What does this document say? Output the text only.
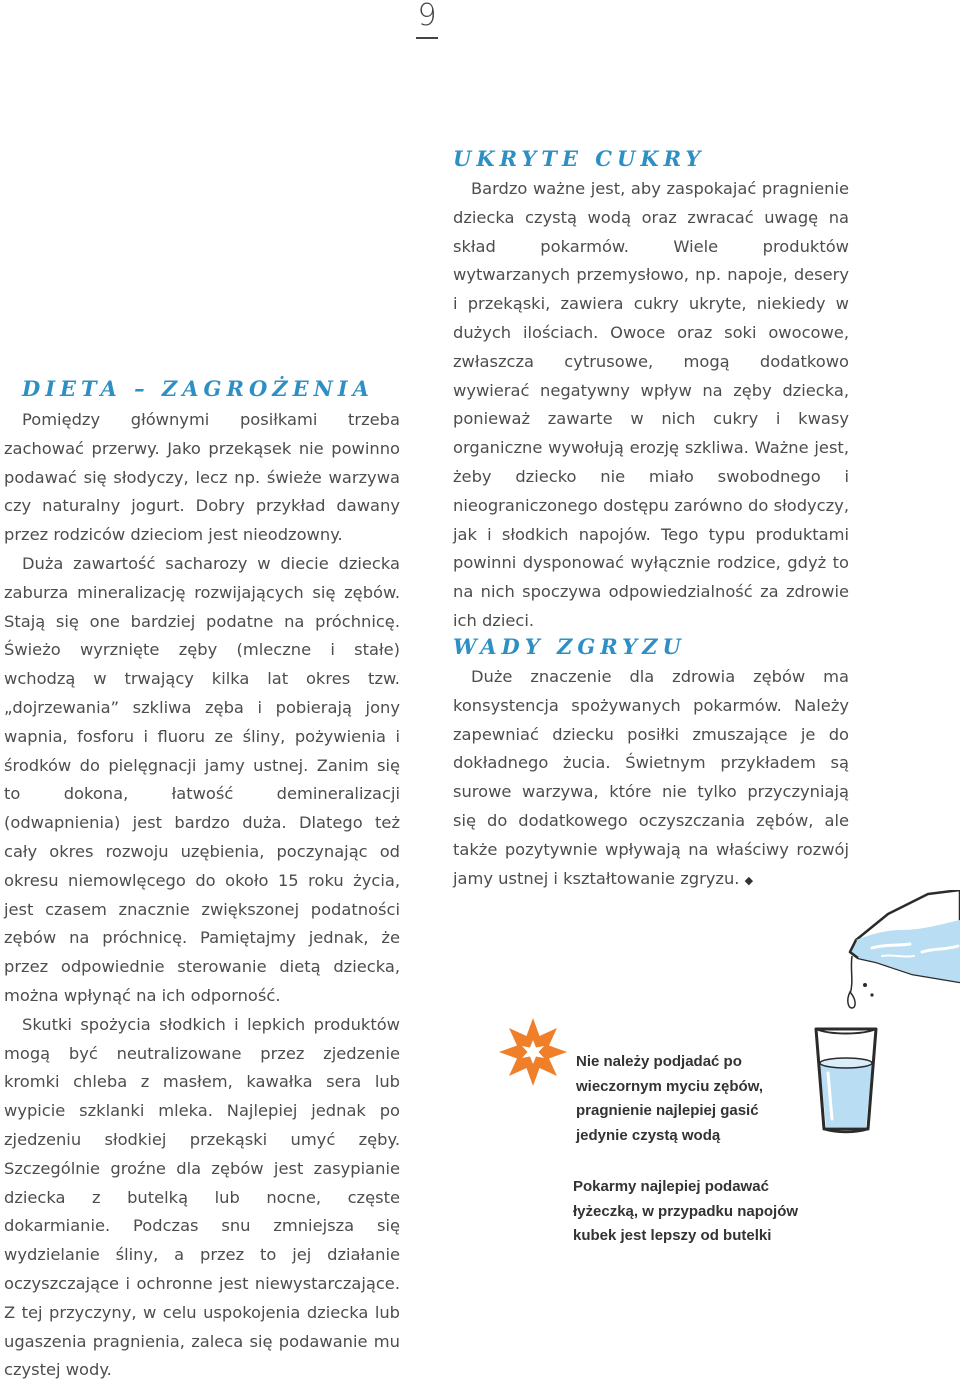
9
DIETA – ZAGROŻENIA

Pomiędzy głównymi posiłkami trzeba zachować przerwy. Jako przekąsek nie powinno podawać się słodyczy, lecz np. świeże warzywa czy naturalny jogurt. Dobry przykład dawany przez rodziców dzieciom jest nieodzowny.

Duża zawartość sacharozy w diecie dziecka zaburza mineralizację rozwijających się zębów. Stają się one bardziej podatne na próchnicę. Świeżo wyrznięte zęby (mleczne i stałe) wchodzą w trwający kilka lat okres tzw. „dojrzewania” szkliwa zęba i pobierają jony wapnia, fosforu i fluoru ze śliny, pożywienia i środków do pielęgnacji jamy ustnej. Zanim się to dokona, łatwość demineralizacji (odwapnienia) jest bardzo duża. Dlatego też cały okres rozwoju uzębienia, poczynając od okresu niemowlęcego do około 15 roku życia, jest czasem znacznie zwiększonej podatności zębów na próchnicę. Pamiętajmy jednak, że przez odpowiednie sterowanie dietą dziecka, można wpłynąć na ich odporność.

Skutki spożycia słodkich i lepkich produktów mogą być neutralizowane przez zjedzenie kromki chleba z masłem, kawałka sera lub wypicie szklanki mleka. Najlepiej jednak po zjedzeniu słodkiej przekąski umyć zęby. Szczególnie groźne dla zębów jest zasypianie dziecka z butelką lub nocne, częste dokarmianie. Podczas snu zmniejsza się wydzielanie śliny, a przez to jej działanie oczyszczające i ochronne jest niewystarczające. Z tej przyczyny, w celu uspokojenia dziecka lub ugaszenia pragnienia, zaleca się podawanie mu czystej wody.

UKRYTE CUKRY

Bardzo ważne jest, aby zaspokajać pragnienie dziecka czystą wodą oraz zwracać uwagę na skład pokarmów. Wiele produktów wytwarzanych przemysłowo, np. napoje, desery i przekąski, zawiera cukry ukryte, niekiedy w dużych ilościach. Owoce oraz soki owocowe, zwłaszcza cytrusowe, mogą dodatkowo wywierać negatywny wpływ na zęby dziecka, ponieważ zawarte w nich cukry i kwasy organiczne wywołują erozję szkliwa. Ważne jest, żeby dziecko nie miało swobodnego i nieograniczonego dostępu zarówno do słodyczy, jak i słodkich napojów. Tego typu produktami powinni dysponować wyłącznie rodzice, gdyż to na nich spoczywa odpowiedzialność za zdrowie ich dzieci.

WADY ZGRYZU

Duże znaczenie dla zdrowia zębów ma konsystencja spożywanych pokarmów. Należy zapewniać dziecku posiłki zmuszające je do dokładnego żucia. Świetnym przykładem są surowe warzywa, które nie tylko przyczyniają się do dodatkowego oczyszczania zębów, ale także pozytywnie wpływają na właściwy rozwój jamy ustnej i kształtowanie zgryzu. ◆

Nie należy podjadać po
wieczornym myciu zębów,
pragnienie najlepiej gasić
jedynie czystą wodą
Pokarmy najlepiej podawać
łyżeczką, w przypadku napojów
kubek jest lepszy od butelki
